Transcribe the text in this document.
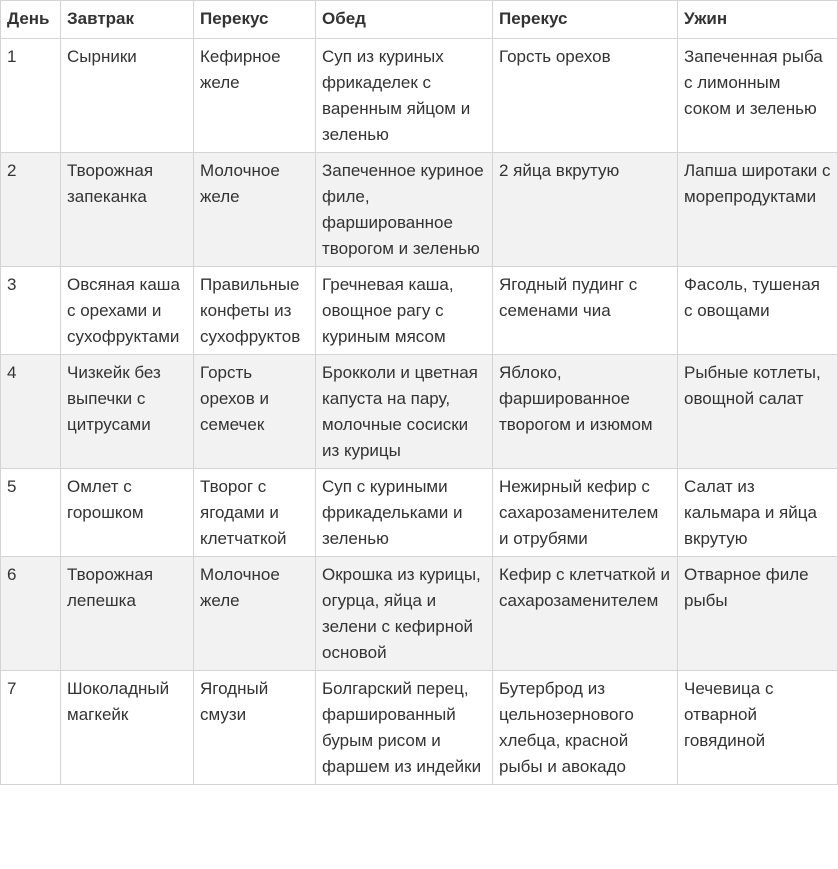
День	Завтрак	Перекус	Обед	Перекус	Ужин
1	Сырники	Кефирное желе	Суп из куриных фрикаделек с варенным яйцом и зеленью	Горсть орехов	Запеченная рыба с лимонным соком и зеленью
2	Творожная запеканка	Молочное желе	Запеченное куриное филе, фаршированное творогом и зеленью	2 яйца вкрутую	Лапша широтаки с морепродуктами
3	Овсяная каша с орехами и сухофруктами	Правильные конфеты из сухофруктов	Гречневая каша, овощное рагу с куриным мясом	Ягодный пудинг с семенами чиа	Фасоль, тушеная с овощами
4	Чизкейк без выпечки с цитрусами	Горсть орехов и семечек	Брокколи и цветная капуста на пару, молочные сосиски из курицы	Яблоко, фаршированное творогом и изюмом	Рыбные котлеты, овощной салат
5	Омлет с горошком	Творог с ягодами и клетчаткой	Суп с куриными фрикадельками и зеленью	Нежирный кефир с сахарозаменителем и отрубями	Салат из кальмара и яйца вкрутую
6	Творожная лепешка	Молочное желе	Окрошка из курицы, огурца, яйца и зелени с кефирной основой	Кефир с клетчаткой и сахарозаменителем	Отварное филе рыбы
7	Шоколадный магкейк	Ягодный смузи	Болгарский перец, фаршированный бурым рисом и фаршем из индейки	Бутерброд из цельнозернового хлебца, красной рыбы и авокадо	Чечевица с отварной говядиной
